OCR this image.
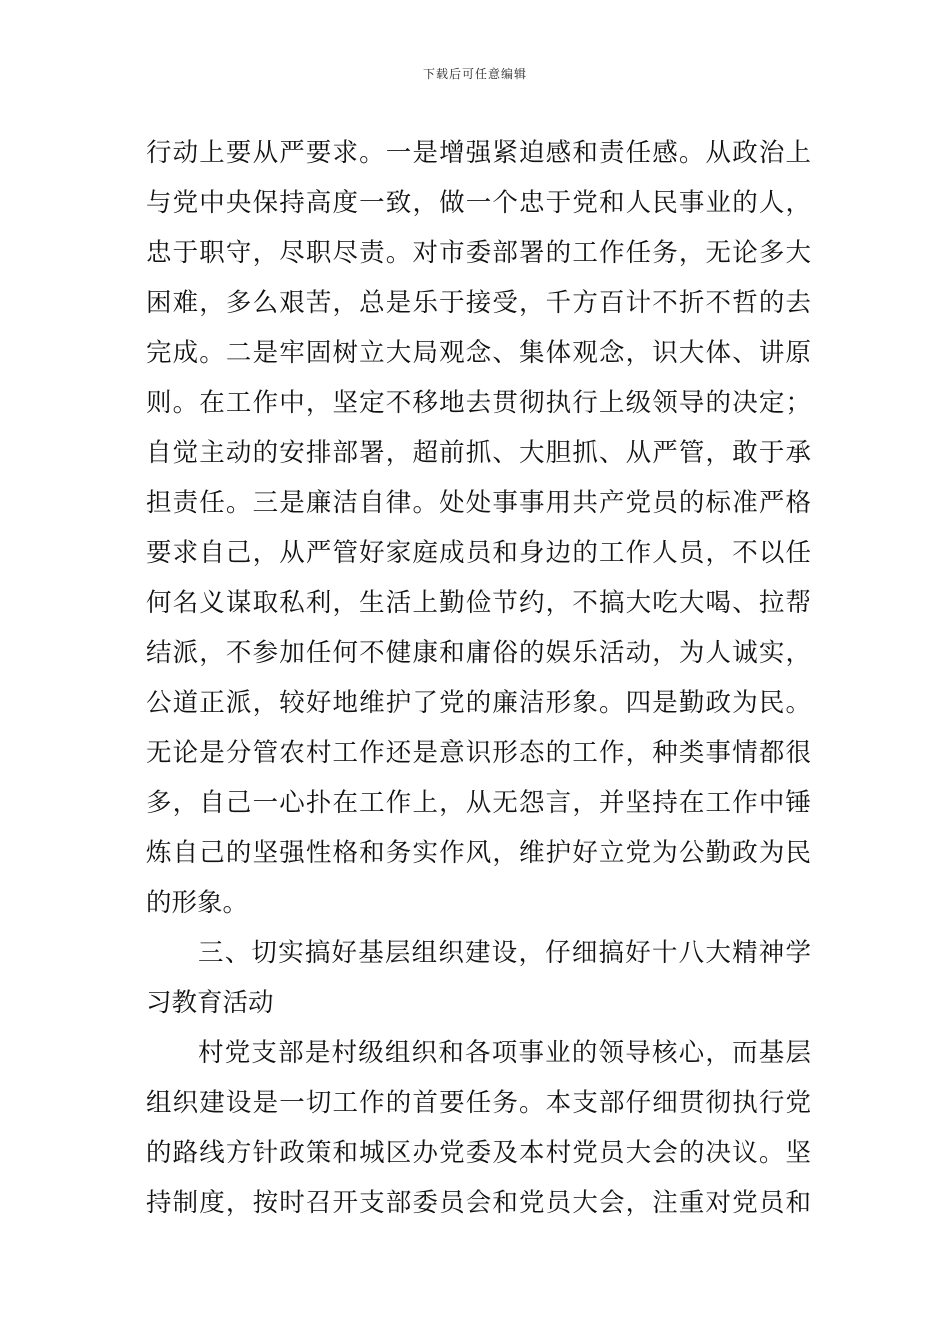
下载后可任意编辑
行动上要从严要求。一是增强紧迫感和责任感。从政治上
与党中央保持高度一致，做一个忠于党和人民事业的人，
忠于职守，尽职尽责。对市委部署的工作任务，无论多大
困难，多么艰苦，总是乐于接受，千方百计不折不哲的去
完成。二是牢固树立大局观念、集体观念，识大体、讲原
则。在工作中，坚定不移地去贯彻执行上级领导的决定；
自觉主动的安排部署，超前抓、大胆抓、从严管，敢于承
担责任。三是廉洁自律。处处事事用共产党员的标准严格
要求自己，从严管好家庭成员和身边的工作人员，不以任
何名义谋取私利，生活上勤俭节约，不搞大吃大喝、拉帮
结派，不参加任何不健康和庸俗的娱乐活动，为人诚实，
公道正派，较好地维护了党的廉洁形象。四是勤政为民。
无论是分管农村工作还是意识形态的工作，种类事情都很
多，自己一心扑在工作上，从无怨言，并坚持在工作中锤
炼自己的坚强性格和务实作风，维护好立党为公勤政为民
的形象。
三、切实搞好基层组织建设，仔细搞好十八大精神学
习教育活动
村党支部是村级组织和各项事业的领导核心，而基层
组织建设是一切工作的首要任务。本支部仔细贯彻执行党
的路线方针政策和城区办党委及本村党员大会的决议。坚
持制度，按时召开支部委员会和党员大会，注重对党员和
